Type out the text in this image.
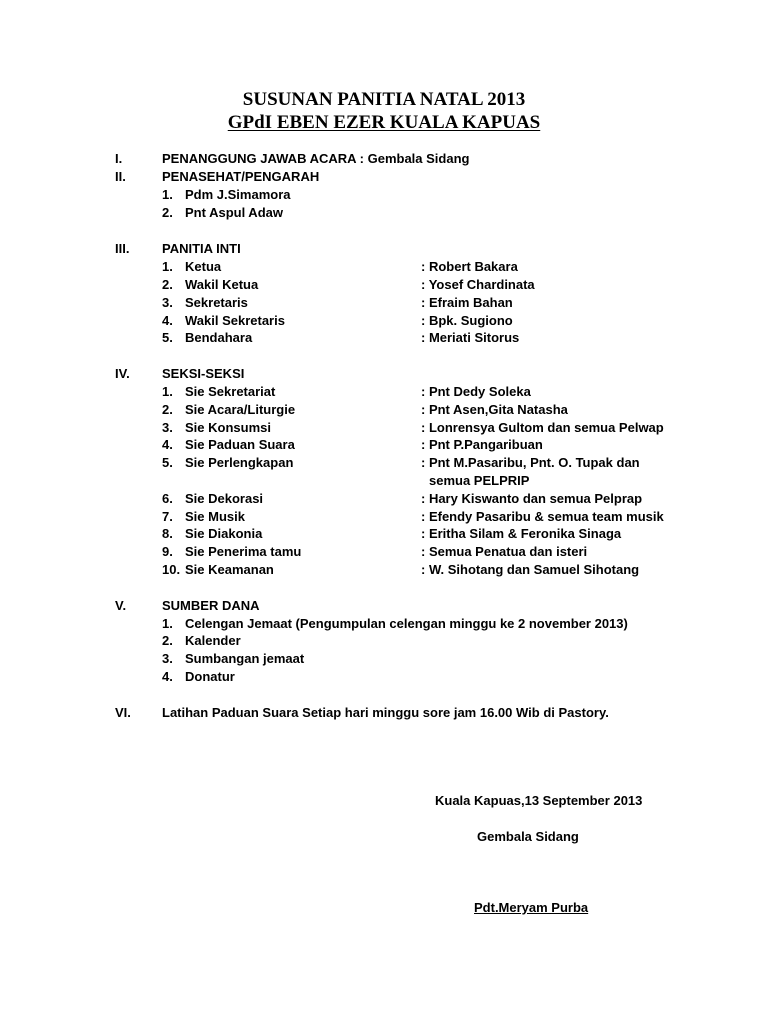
SUSUNAN PANITIA NATAL 2013
GPdI EBEN EZER KUALA KAPUAS
I.	PENANGGUNG JAWAB ACARA : Gembala Sidang
II.	PENASEHAT/PENGARAH
1. Pdm J.Simamora
2. Pnt Aspul Adaw
III.	PANITIA INTI
1. Ketua	: Robert Bakara
2. Wakil Ketua	: Yosef Chardinata
3. Sekretaris	: Efraim Bahan
4. Wakil Sekretaris	: Bpk. Sugiono
5. Bendahara	: Meriati Sitorus
IV. SEKSI-SEKSI
1. Sie Sekretariat	: Pnt Dedy Soleka
2. Sie Acara/Liturgie	: Pnt Asen,Gita Natasha
3. Sie Konsumsi	: Lonrensya Gultom dan semua Pelwap
4. Sie Paduan Suara	: Pnt P.Pangaribuan
5. Sie Perlengkapan	: Pnt M.Pasaribu, Pnt. O. Tupak dan
semua PELPRIP
6. Sie Dekorasi	: Hary Kiswanto dan semua Pelprap
7. Sie Musik	: Efendy Pasaribu & semua team musik
8. Sie Diakonia	: Eritha Silam & Feronika Sinaga
9. Sie Penerima tamu	: Semua Penatua dan isteri
10. Sie Keamanan	: W. Sihotang dan Samuel Sihotang
V.	SUMBER DANA
1. Celengan Jemaat (Pengumpulan celengan minggu ke 2 november 2013)
2. Kalender
3. Sumbangan jemaat
4. Donatur
VI. Latihan Paduan Suara Setiap hari minggu sore jam 16.00 Wib di Pastory.
Kuala Kapuas,13 September 2013
Gembala Sidang
Pdt.Meryam Purba
